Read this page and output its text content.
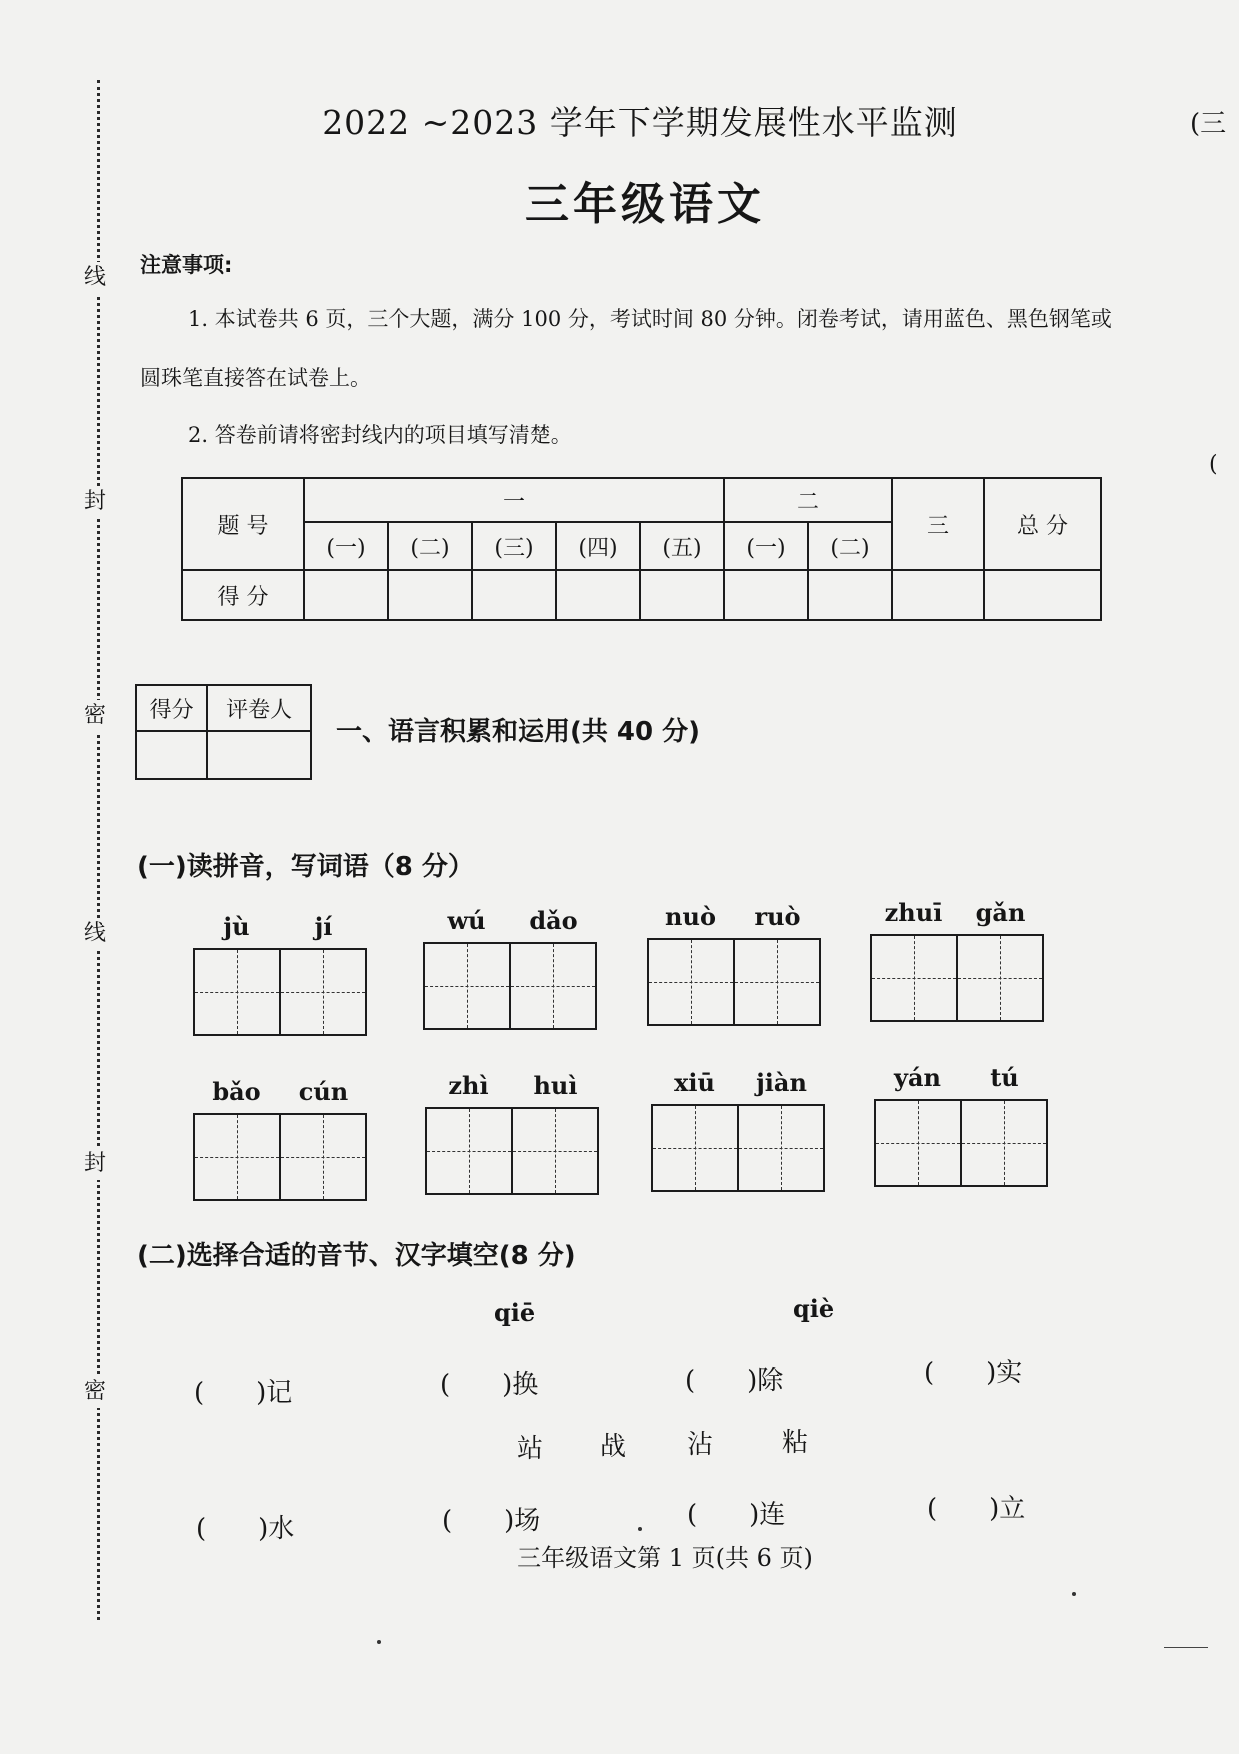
线
封
密
线
封
密
2022 ~2023 学年下学期发展性水平监测
三年级语文
(三
(
注意事项:
1. 本试卷共 6 页，三个大题，满分 100 分，考试时间 80 分钟。闭卷考试，请用蓝色、黑色钢笔或
圆珠笔直接答在试卷上。
2. 答卷前请将密封线内的项目填写清楚。
题 号	一					二		三	总 分
	(一)	(二)	(三)	(四)	(五)	(一)	(二)		
得 分									
得分	评卷人

一、语言积累和运用(共 40 分)
(一)读拼音，写词语（8 分）
jù	jí	wú	dǎo	nuò	ruò	zhuī	gǎn
bǎo	cún	zhì	huì	xiū	jiàn	yán	tú
(二)选择合适的音节、汉字填空(8 分)
qiē	qiè
(　　)记	(　　)换	(　　)除	(　　)实
站 战 沾	粘
(　　)水	(　　)场	(　　)连	(　　)立
三年级语文第 1 页(共 6 页)
